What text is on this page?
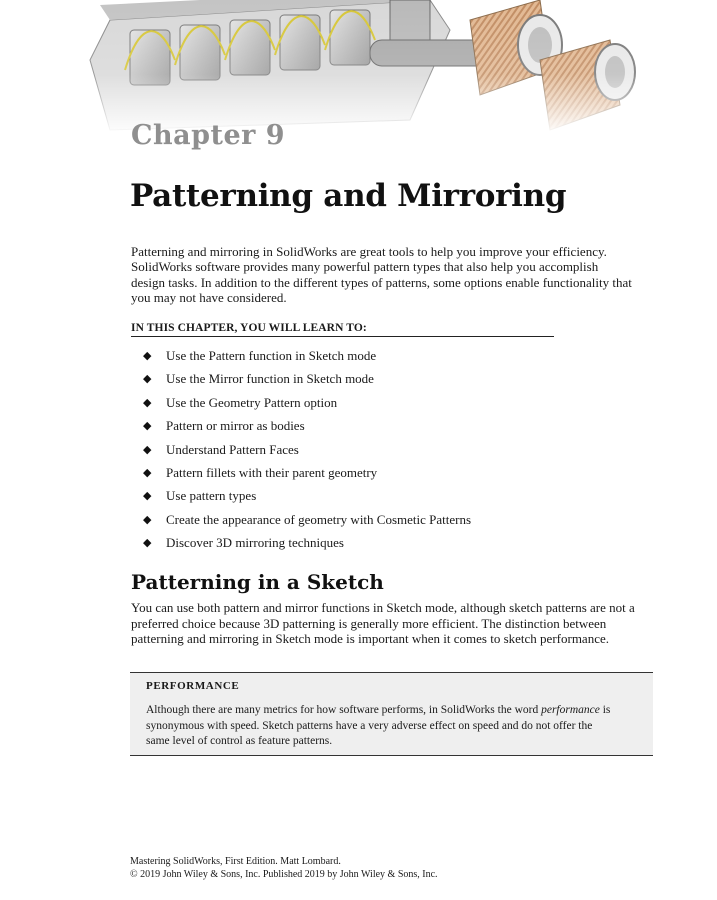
Chapter 9
Patterning and Mirroring

Patterning and mirroring in SolidWorks are great tools to help you improve your efficiency.
SolidWorks software provides many powerful pattern types that also help you accomplish
design tasks. In addition to the different types of patterns, some options enable functionality that
you may not have considered.

IN THIS CHAPTER, YOU WILL LEARN TO:
◆	Use the Pattern function in Sketch mode
◆	Use the Mirror function in Sketch mode
◆	Use the Geometry Pattern option
◆	Pattern or mirror as bodies
◆	Understand Pattern Faces
◆	Pattern fillets with their parent geometry
◆	Use pattern types
◆	Create the appearance of geometry with Cosmetic Patterns
◆	Discover 3D mirroring techniques
Patterning in a Sketch

You can use both pattern and mirror functions in Sketch mode, although sketch patterns are not a
preferred choice because 3D patterning is generally more efficient. The distinction between
patterning and mirroring in Sketch mode is important when it comes to sketch performance.

PERFORMANCE

Although there are many metrics for how software performs, in SolidWorks the word performance is
synonymous with speed. Sketch patterns have a very adverse effect on speed and do not offer the
same level of control as feature patterns.

Mastering SolidWorks, First Edition. Matt Lombard.
© 2019 John Wiley & Sons, Inc. Published 2019 by John Wiley & Sons, Inc.
